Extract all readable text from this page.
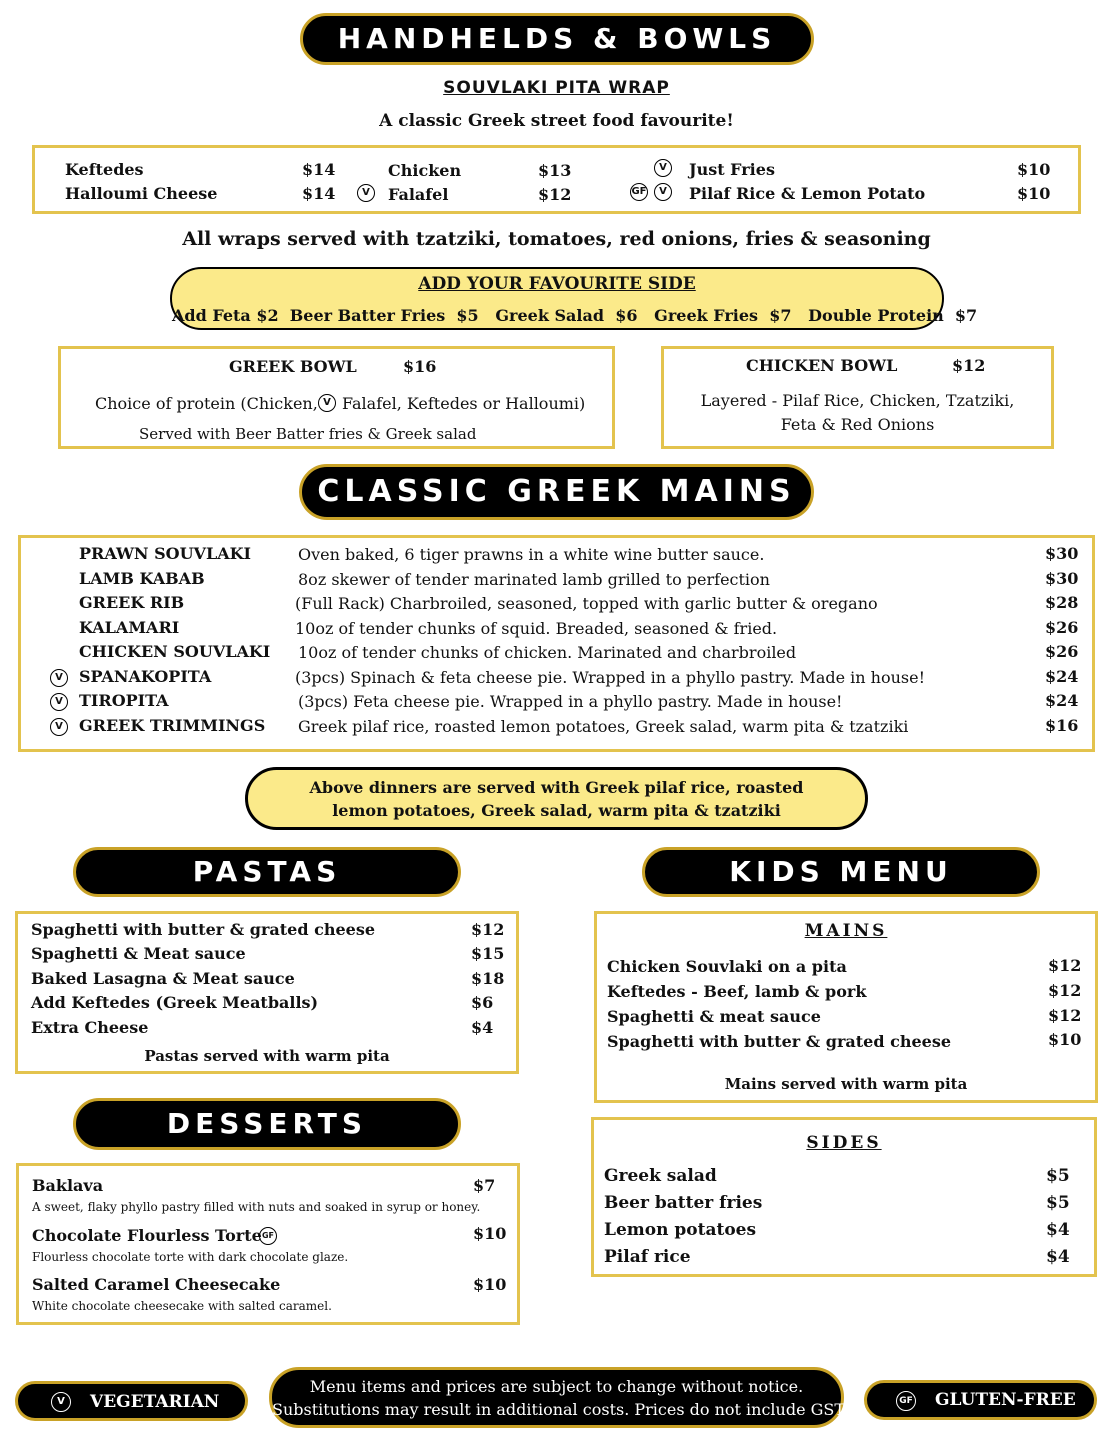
HANDHELDS & BOWLS
SOUVLAKI PITA WRAP
A classic Greek street food favourite!
Keftedes	$14
Halloumi Cheese	$14
Chicken	$13
V	Falafel	$12
V	Just Fries	$10
GF	V	Pilaf Rice & Lemon Potato	$10
All wraps served with tzatziki, tomatoes, red onions, fries & seasoning
ADD YOUR FAVOURITE SIDE
Add Feta $2  Beer Batter Fries  $5   Greek Salad  $6   Greek Fries  $7   Double Protein  $7
GREEK BOWL	$16
Choice of protein (Chicken, V Falafel, Keftedes or Halloumi)
Served with Beer Batter fries & Greek salad
CHICKEN BOWL	$12
Layered - Pilaf Rice, Chicken, Tzatziki,
Feta & Red Onions
CLASSIC GREEK MAINS
PRAWN SOUVLAKI	Oven baked, 6 tiger prawns in a white wine butter sauce.	$30
LAMB KABAB	8oz skewer of tender marinated lamb grilled to perfection	$30
GREEK RIB	(Full Rack) Charbroiled, seasoned, topped with garlic butter & oregano	$28
KALAMARI	10oz of tender chunks of squid. Breaded, seasoned & fried.	$26
CHICKEN SOUVLAKI 10oz of tender chunks of chicken. Marinated and charbroiled	$26
V	SPANAKOPITA	(3pcs) Spinach & feta cheese pie. Wrapped in a phyllo pastry. Made in house!	$24
V	TIROPITA	(3pcs) Feta cheese pie. Wrapped in a phyllo pastry. Made in house!	$24
V	GREEK TRIMMINGS Greek pilaf rice, roasted lemon potatoes, Greek salad, warm pita & tzatziki	$16
Above dinners are served with Greek pilaf rice, roasted
lemon potatoes, Greek salad, warm pita & tzatziki
PASTAS
Spaghetti with butter & grated cheese	$12
Spaghetti & Meat sauce	$15
Baked Lasagna & Meat sauce	$18
Add Keftedes (Greek Meatballs)	$6
Extra Cheese	$4
Pastas served with warm pita
KIDS MENU
MAINS
Chicken Souvlaki on a pita	$12
Keftedes - Beef, lamb & pork	$12
Spaghetti & meat sauce	$12
Spaghetti with butter & grated cheese	$10
Mains served with warm pita
SIDES
Greek salad	$5
Beer batter fries	$5
Lemon potatoes	$4
Pilaf rice	$4
DESSERTS
Baklava	$7
A sweet, flaky phyllo pastry filled with nuts and soaked in syrup or honey.
Chocolate Flourless Torte GF	$10
Flourless chocolate torte with dark chocolate glaze.
Salted Caramel Cheesecake	$10
White chocolate cheesecake with salted caramel.
V	VEGETARIAN
Menu items and prices are subject to change without notice.
Substitutions may result in additional costs. Prices do not include GST	GF GLUTEN-FREE
